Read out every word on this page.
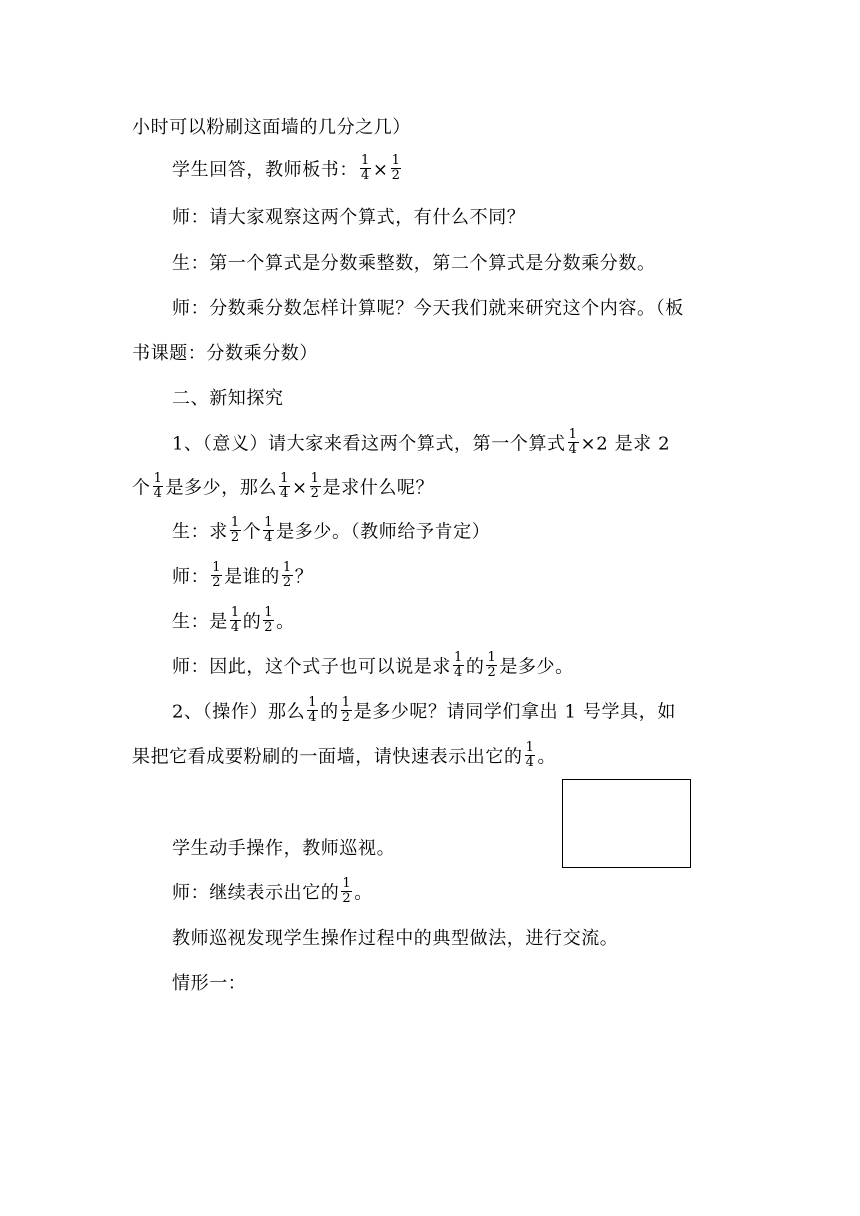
小时可以粉刷这面墙的几分之几）
学生回答，教师板书： $\frac{1}{4} \times \frac{1}{2}$
师：请大家观察这两个算式，有什么不同？
生：第一个算式是分数乘整数，第二个算式是分数乘分数。
师：分数乘分数怎样计算呢？今天我们就来研究这个内容。（板
书课题：分数乘分数）
二、新知探究
1、（意义）请大家来看这两个算式，第一个算式 $\frac{1}{4} \times 2$ 是求 2
个 $\frac{1}{4}$ 是多少，那么 $\frac{1}{4} \times \frac{1}{2}$ 是求什么呢？
生：求 $\frac{1}{2}$ 个 $\frac{1}{4}$ 是多少。（教师给予肯定）
师： $\frac{1}{2}$ 是谁的 $\frac{1}{2}$ ？
生：是 $\frac{1}{4}$ 的 $\frac{1}{2}$ 。
师：因此，这个式子也可以说是求 $\frac{1}{4}$ 的 $\frac{1}{2}$ 是多少。
2、（操作）那么 $\frac{1}{4}$ 的 $\frac{1}{2}$ 是多少呢？请同学们拿出 1 号学具，如
果把它看成要粉刷的一面墙，请快速表示出它的 $\frac{1}{4}$ 。
学生动手操作，教师巡视。
师：继续表示出它的 $\frac{1}{2}$ 。
教师巡视发现学生操作过程中的典型做法，进行交流。
情形一：
